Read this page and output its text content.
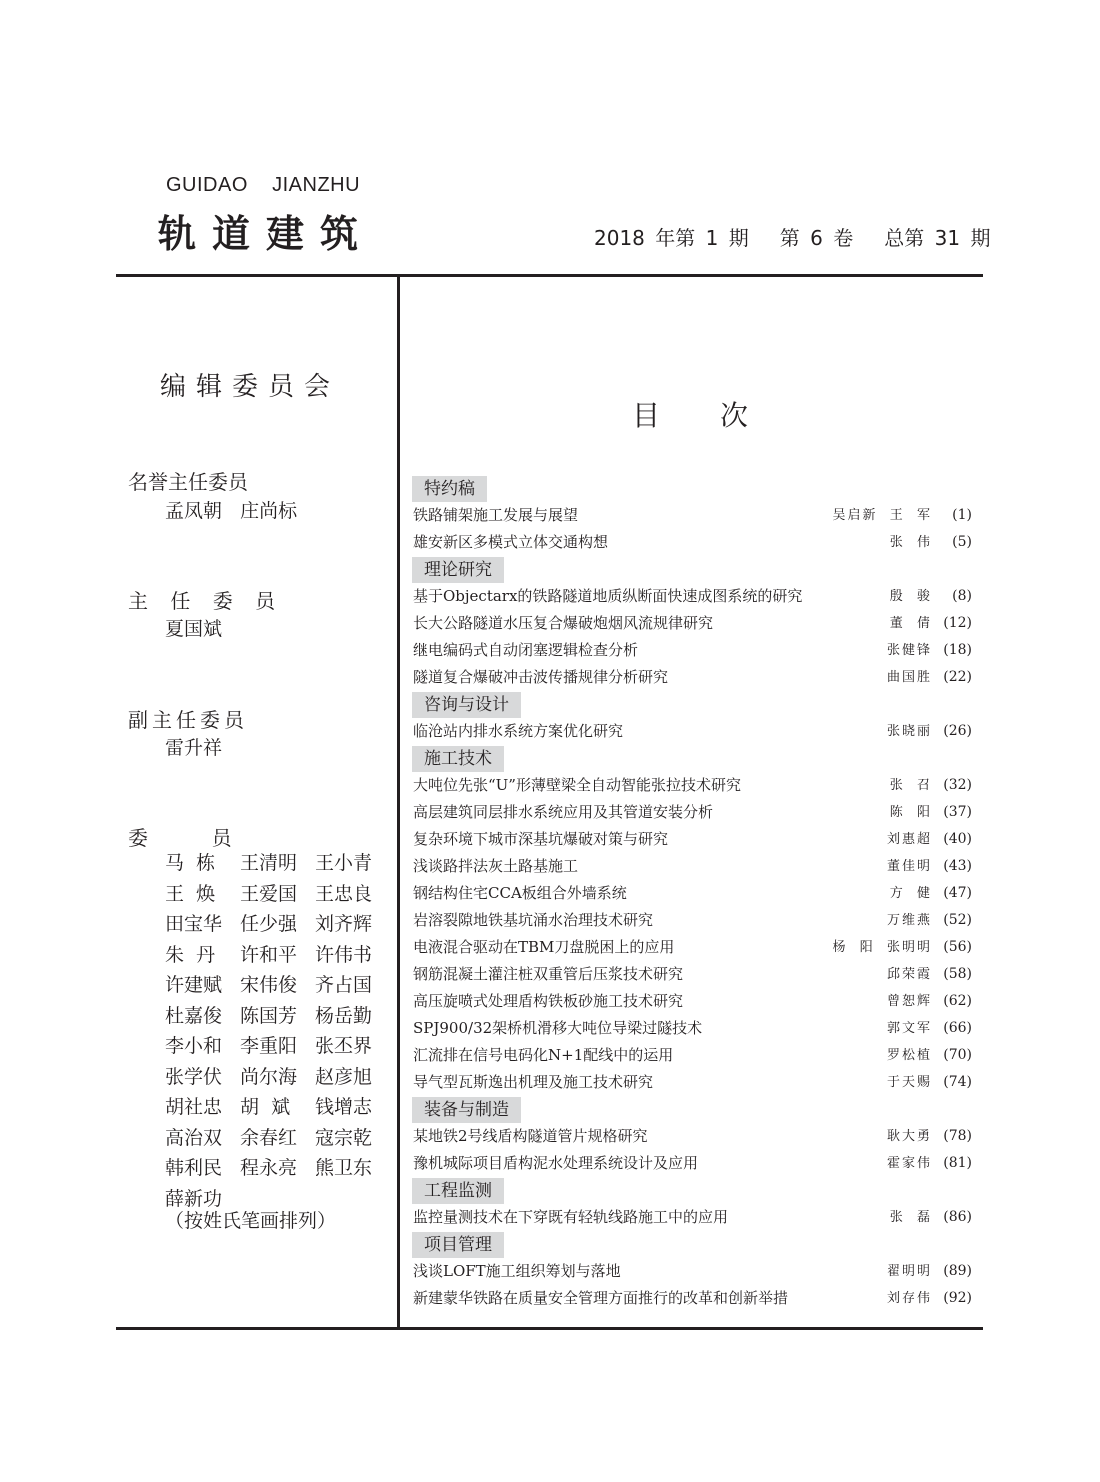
GUIDAO    JIANZHU
轨道建筑	2018 年第 1 期   第 6 卷   总第 31 期
编辑委员会
名誉主任委员
孟凤朝   庄尚标
主 任 委 员
夏国斌
副主任委员
雷升祥
委          员
马  栋	王清明 王小青
王  焕	王爱国 王忠良
田宝华 任少强 刘齐辉
朱  丹	许和平 许伟书
许建赋 宋伟俊 齐占国
杜嘉俊 陈国芳 杨岳勤
李小和 李重阳 张丕界
张学伏 尚尔海 赵彦旭
胡社忠 胡  斌	钱增志
高治双 余春红 寇宗乾
韩利民 程永亮 熊卫东
薛新功
（按姓氏笔画排列）
目次
特约稿
铁路铺架施工发展与展望	吴启新  王  军 (1)
雄安新区多模式立体交通构想	张  伟 (5)
理论研究
基于Objectarx的铁路隧道地质纵断面快速成图系统的研究	殷  骏 (8)
长大公路隧道水压复合爆破炮烟风流规律研究	董  倩 (12)
继电编码式自动闭塞逻辑检查分析	张健锋 (18)
隧道复合爆破冲击波传播规律分析研究	曲国胜 (22)
咨询与设计
临沧站内排水系统方案优化研究	张晓丽 (26)
施工技术
大吨位先张“U”形薄壁梁全自动智能张拉技术研究	张  召 (32)
高层建筑同层排水系统应用及其管道安装分析	陈  阳 (37)
复杂环境下城市深基坑爆破对策与研究	刘惠超 (40)
浅谈路拌法灰土路基施工	董佳明 (43)
钢结构住宅CCA板组合外墙系统	方  健 (47)
岩溶裂隙地铁基坑涌水治理技术研究	万维燕 (52)
电液混合驱动在TBM刀盘脱困上的应用	杨  阳  张明明 (56)
钢筋混凝土灌注桩双重管后压浆技术研究	邱荣霞 (58)
高压旋喷式处理盾构铁板砂施工技术研究	曾恕辉 (62)
SPJ900/32架桥机滑移大吨位导梁过隧技术	郭文军 (66)
汇流排在信号电码化N+1配线中的运用	罗松植 (70)
导气型瓦斯逸出机理及施工技术研究	于天赐 (74)
装备与制造
某地铁2号线盾构隧道管片规格研究	耿大勇 (78)
豫机城际项目盾构泥水处理系统设计及应用	霍家伟 (81)
工程监测
监控量测技术在下穿既有轻轨线路施工中的应用	张  磊 (86)
项目管理
浅谈LOFT施工组织筹划与落地	翟明明 (89)
新建蒙华铁路在质量安全管理方面推行的改革和创新举措	刘存伟 (92)
